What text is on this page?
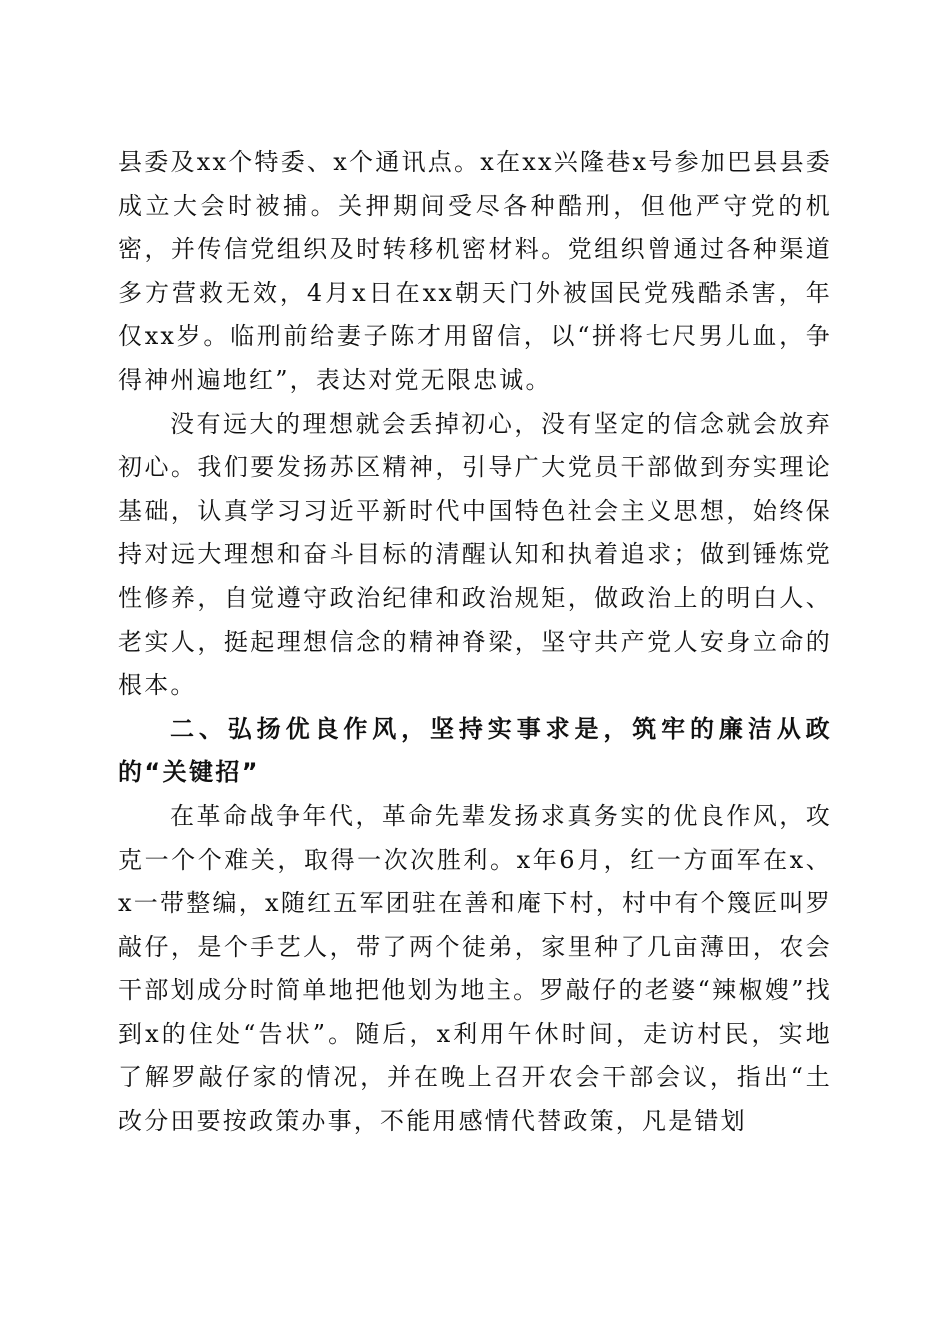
县委及xx个特委、x个通讯点。x在xx兴隆巷x号参加巴县县委成立大会时被捕。关押期间受尽各种酷刑，但他严守党的机密，并传信党组织及时转移机密材料。党组织曾通过各种渠道多方营救无效，4月x日在xx朝天门外被国民党残酷杀害，年仅xx岁。临刑前给妻子陈才用留信，以“拼将七尺男儿血，争得神州遍地红”，表达对党无限忠诚。

没有远大的理想就会丢掉初心，没有坚定的信念就会放弃初心。我们要发扬苏区精神，引导广大党员干部做到夯实理论基础，认真学习习近平新时代中国特色社会主义思想，始终保持对远大理想和奋斗目标的清醒认知和执着追求；做到锤炼党性修养，自觉遵守政治纪律和政治规矩，做政治上的明白人、老实人，挺起理想信念的精神脊梁，坚守共产党人安身立命的根本。

二、弘扬优良作风，坚持实事求是，筑牢的廉洁从政的“关键招”

在革命战争年代，革命先辈发扬求真务实的优良作风，攻克一个个难关，取得一次次胜利。x年6月，红一方面军在x、x一带整编，x随红五军团驻在善和庵下村，村中有个篾匠叫罗敲仔，是个手艺人，带了两个徒弟，家里种了几亩薄田，农会干部划成分时简单地把他划为地主。罗敲仔的老婆“辣椒嫂”找到x的住处“告状”。随后，x利用午休时间，走访村民，实地了解罗敲仔家的情况，并在晚上召开农会干部会议，指出“土改分田要按政策办事，不能用感情代替政策，凡是错划
